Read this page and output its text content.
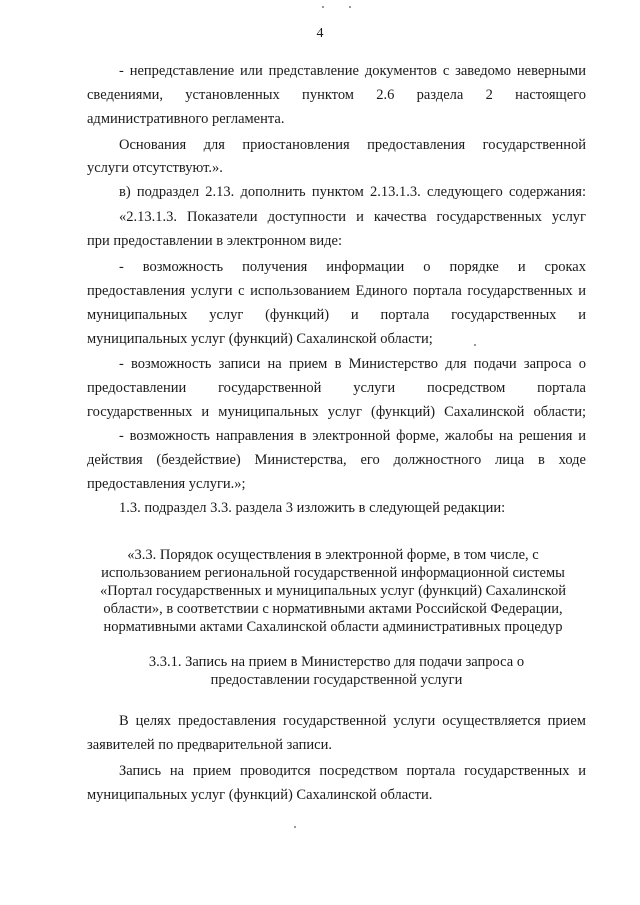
4
- непредставление или представление документов с заведомо неверными
сведениями, установленных пунктом 2.6 раздела 2 настоящего
административного регламента.
Основания для приостановления предоставления государственной
услуги отсутствуют.».
в) подраздел 2.13. дополнить пунктом 2.13.1.3. следующего содержания:
«2.13.1.3. Показатели доступности и качества государственных услуг
при предоставлении в электронном виде:
- возможность получения информации о порядке и сроках
предоставления услуги с использованием Единого портала государственных и
муниципальных услуг (функций) и портала государственных и
муниципальных услуг (функций) Сахалинской области;
- возможность записи на прием в Министерство для подачи запроса о
предоставлении государственной услуги посредством портала
государственных и муниципальных услуг (функций) Сахалинской области;
- возможность направления в электронной форме, жалобы на решения и
действия (бездействие) Министерства, его должностного лица в ходе
предоставления услуги.»;
1.3. подраздел 3.3. раздела 3 изложить в следующей редакции:
«3.3. Порядок осуществления в электронной форме, в том числе, с
использованием региональной государственной информационной системы
«Портал государственных и муниципальных услуг (функций) Сахалинской
области», в соответствии с нормативными актами Российской Федерации,
нормативными актами Сахалинской области административных процедур
3.3.1. Запись на прием в Министерство для подачи запроса о
предоставлении государственной услуги
В целях предоставления государственной услуги осуществляется прием
заявителей по предварительной записи.
Запись на прием проводится посредством портала государственных и
муниципальных услуг (функций) Сахалинской области.
